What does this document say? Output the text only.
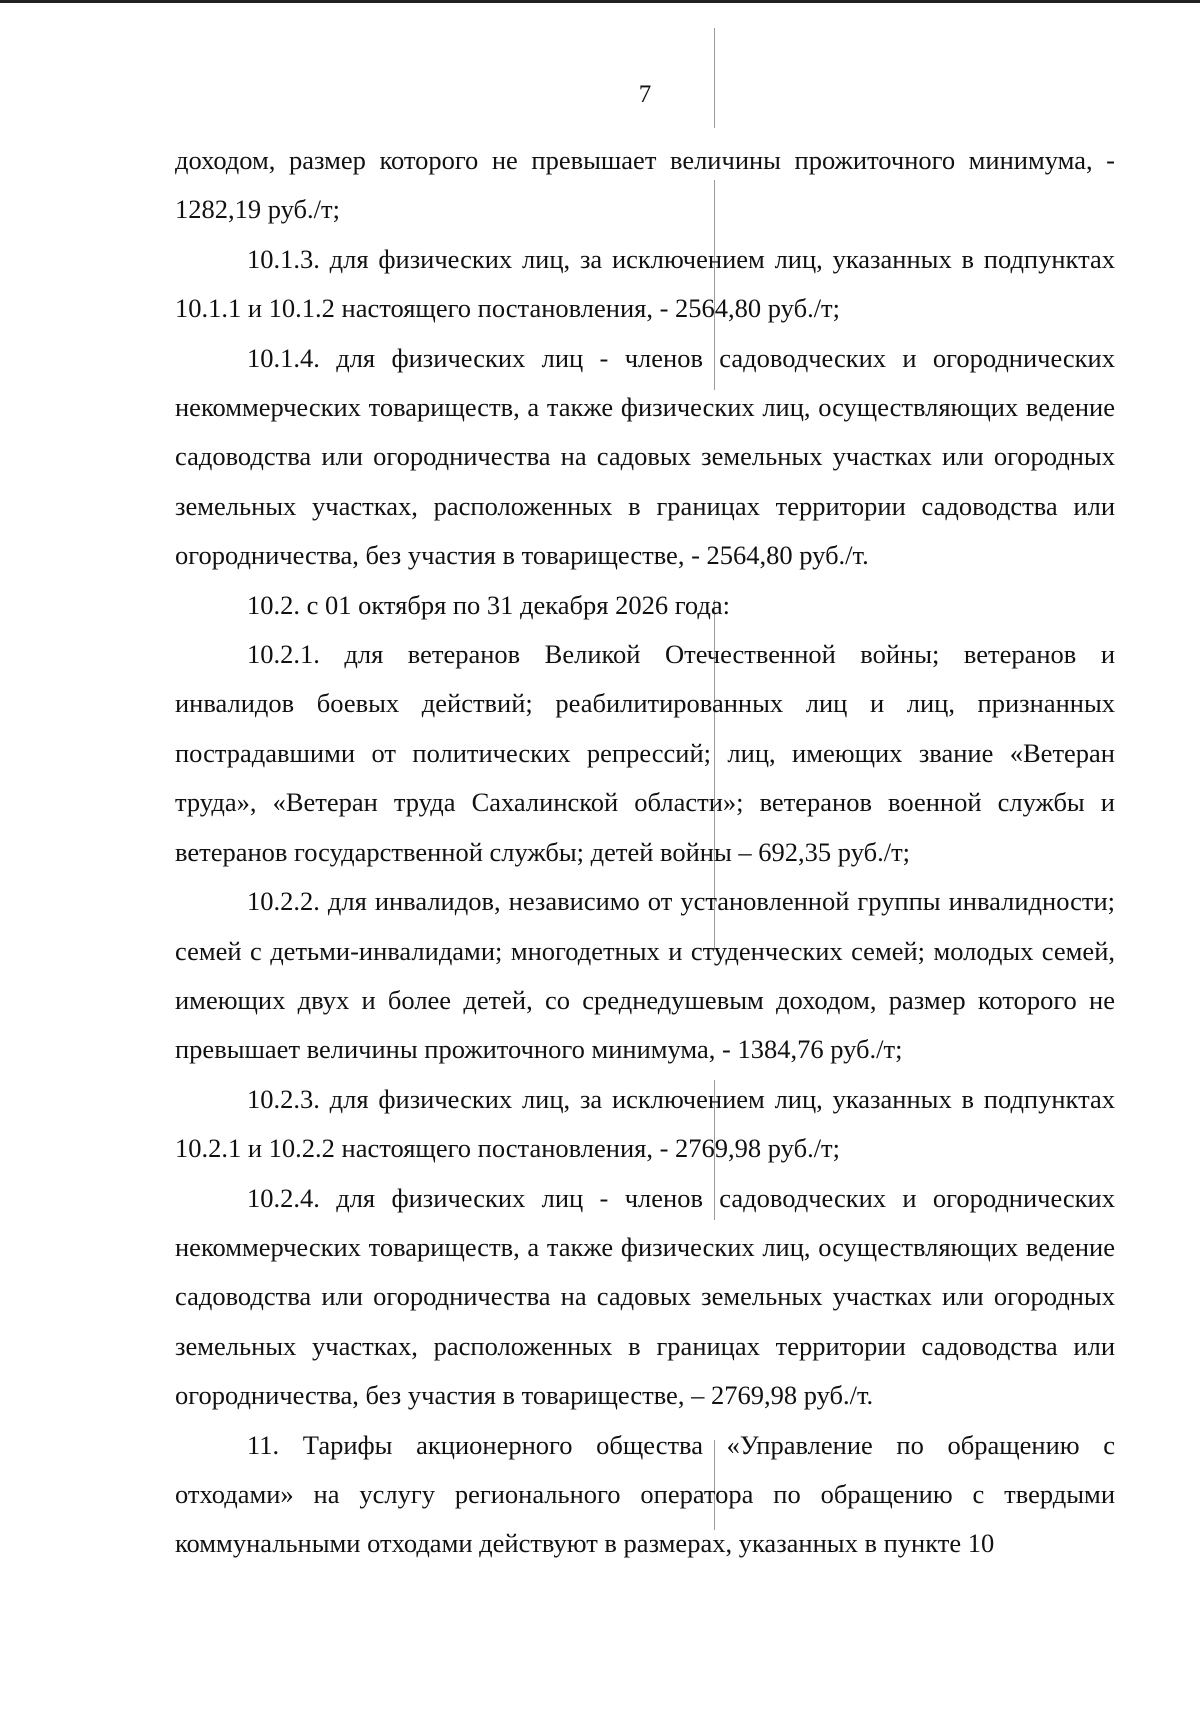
7

доходом, размер которого не превышает величины прожиточного минимума, - 1282,19 руб./т;

10.1.3. для физических лиц, за исключением лиц, указанных в подпунктах 10.1.1 и 10.1.2 настоящего постановления, - 2564,80 руб./т;

10.1.4. для физических лиц - членов садоводческих и огороднических некоммерческих товариществ, а также физических лиц, осуществляющих ведение садоводства или огородничества на садовых земельных участках или огородных земельных участках, расположенных в границах территории садоводства или огородничества, без участия в товариществе, - 2564,80 руб./т.

10.2. с 01 октября по 31 декабря 2026 года:

10.2.1. для ветеранов Великой Отечественной войны; ветеранов и инвалидов боевых действий; реабилитированных лиц и лиц, признанных пострадавшими от политических репрессий; лиц, имеющих звание «Ветеран труда», «Ветеран труда Сахалинской области»; ветеранов военной службы и ветеранов государственной службы; детей войны – 692,35 руб./т;

10.2.2. для инвалидов, независимо от установленной группы инвалидности; семей с детьми-инвалидами; многодетных и студенческих семей; молодых семей, имеющих двух и более детей, со среднедушевым доходом, размер которого не превышает величины прожиточного минимума, - 1384,76 руб./т;

10.2.3. для физических лиц, за исключением лиц, указанных в подпунктах 10.2.1 и 10.2.2 настоящего постановления, - 2769,98 руб./т;

10.2.4. для физических лиц - членов садоводческих и огороднических некоммерческих товариществ, а также физических лиц, осуществляющих ведение садоводства или огородничества на садовых земельных участках или огородных земельных участках, расположенных в границах территории садоводства или огородничества, без участия в товариществе, – 2769,98 руб./т.

11. Тарифы акционерного общества «Управление по обращению с отходами» на услугу регионального оператора по обращению с твердыми коммунальными отходами действуют в размерах, указанных в пункте 10
